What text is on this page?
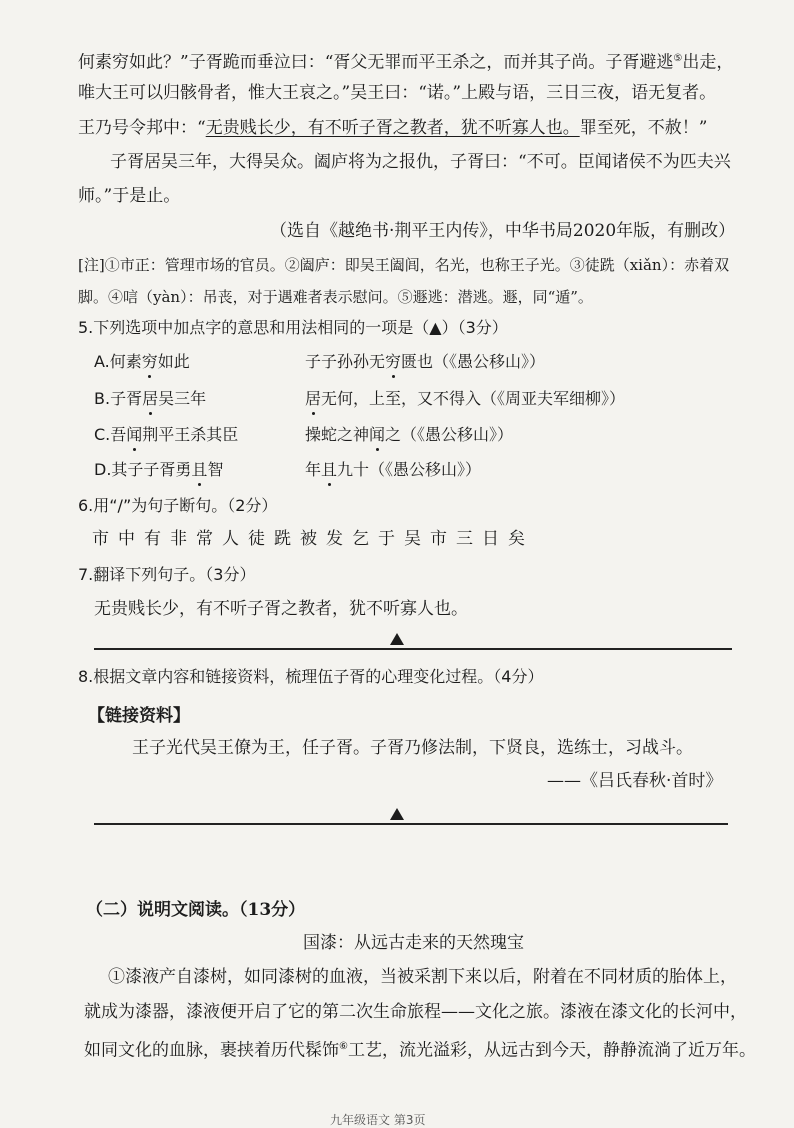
何素穷如此？”子胥跪而垂泣曰：“胥父无罪而平王杀之，而并其子尚。子胥避逃⑤出走，
唯大王可以归骸骨者，惟大王哀之。”吴王曰：“诺。”上殿与语，三日三夜，语无复者。
王乃号令邦中：“无贵贱长少，有不听子胥之教者，犹不听寡人也。罪至死，不赦！”
子胥居吴三年，大得吴众。阖庐将为之报仇，子胥曰：“不可。臣闻诸侯不为匹夫兴
师。”于是止。
（选自《越绝书·荆平王内传》，中华书局2020年版，有删改）
[注]①市正：管理市场的官员。②阖庐：即吴王阖闾，名光，也称王子光。③徒跣（xiǎn）：赤着双
脚。④唁（yàn）：吊丧，对于遇难者表示慰问。⑤遯逃：潜逃。遯，同“遁”。
5.下列选项中加点字的意思和用法相同的一项是（▲）（3分）
A.何素穷如此	子子孙孙无穷匮也（《愚公移山》）
B.子胥居吴三年	居无何，上至，又不得入（《周亚夫军细柳》）
C.吾闻荆平王杀其臣	操蛇之神闻之（《愚公移山》）
D.其子子胥勇且智	年且九十（《愚公移山》）
6.用“/”为句子断句。（2分）
市中有非常人徒跣被发乞于吴市三日矣
7.翻译下列句子。（3分）
无贵贱长少，有不听子胥之教者，犹不听寡人也。
8.根据文章内容和链接资料，梳理伍子胥的心理变化过程。（4分）
【链接资料】
王子光代吴王僚为王，任子胥。子胥乃修法制，下贤良，选练士，习战斗。
——《吕氏春秋·首时》
（二）说明文阅读。（13分）
国漆：从远古走来的天然瑰宝
①漆液产自漆树，如同漆树的血液，当被采割下来以后，附着在不同材质的胎体上，
就成为漆器，漆液便开启了它的第二次生命旅程——文化之旅。漆液在漆文化的长河中，
如同文化的血脉，裹挟着历代髹饰⑥工艺，流光溢彩，从远古到今天，静静流淌了近万年。
九年级语文 第3页
